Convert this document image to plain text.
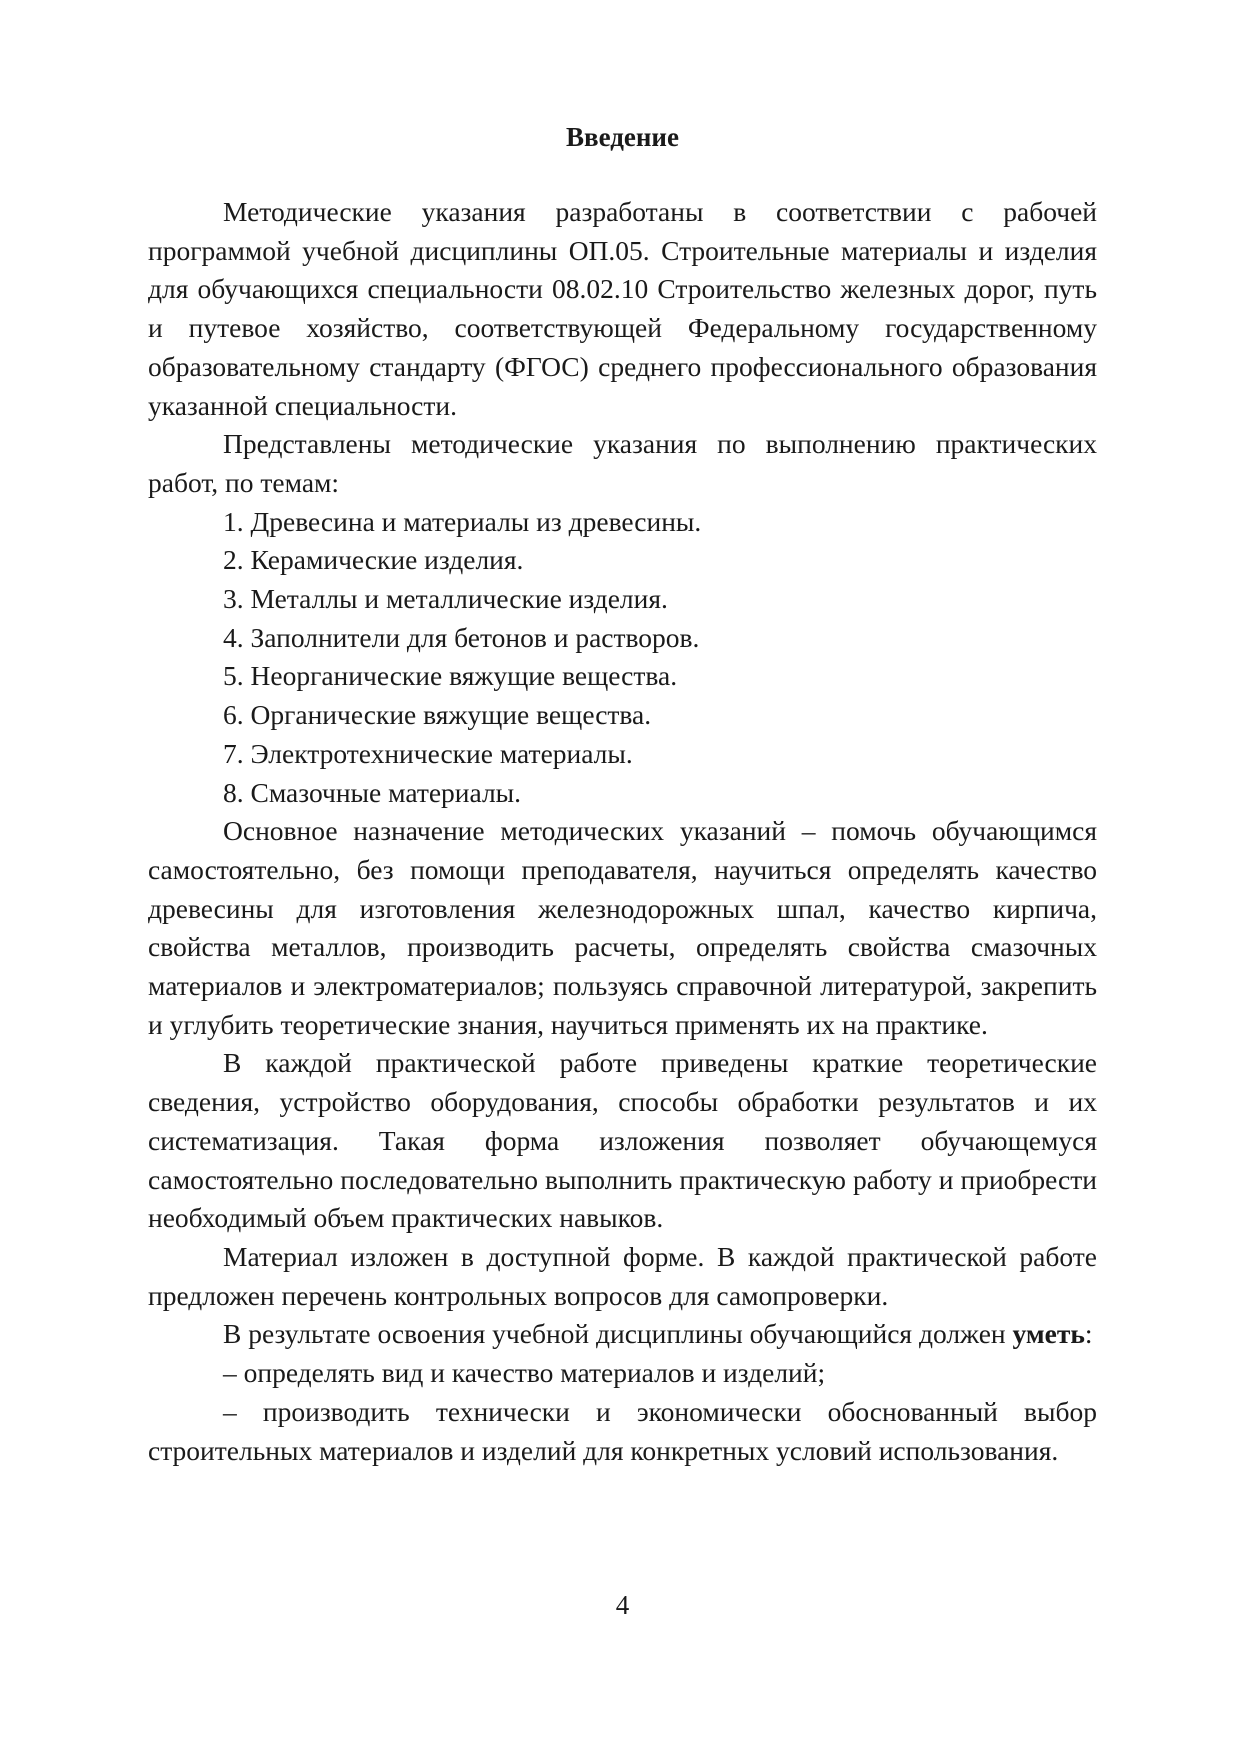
Введение

Методические указания разработаны в соответствии с рабочей программой учебной дисциплины ОП.05. Строительные материалы и изделия для обучающихся специальности 08.02.10 Строительство железных дорог, путь и путевое хозяйство, соответствующей Федеральному государственному образовательному стандарту (ФГОС) среднего профессионального образования указанной специальности.

Представлены методические указания по выполнению практических работ, по темам:

1. Древесина и материалы из древесины.

2. Керамические изделия.

3. Металлы и металлические изделия.

4. Заполнители для бетонов и растворов.

5. Неорганические вяжущие вещества.

6. Органические вяжущие вещества.

7. Электротехнические материалы.

8. Смазочные материалы.

Основное назначение методических указаний – помочь обучающимся самостоятельно, без помощи преподавателя, научиться определять качество древесины для изготовления железнодорожных шпал, качество кирпича, свойства металлов, производить расчеты, определять свойства смазочных материалов и электроматериалов; пользуясь справочной литературой, закрепить и углубить теоретические знания, научиться применять их на практике.

В каждой практической работе приведены краткие теоретические сведения, устройство оборудования, способы обработки результатов и их систематизация. Такая форма изложения позволяет обучающемуся самостоятельно последовательно выполнить практическую работу и приобрести необходимый объем практических навыков.

Материал изложен в доступной форме. В каждой практической работе предложен перечень контрольных вопросов для самопроверки.

В результате освоения учебной дисциплины обучающийся должен уметь:

– определять вид и качество материалов и изделий;

– производить технически и экономически обоснованный выбор строительных материалов и изделий для конкретных условий использования.

4
